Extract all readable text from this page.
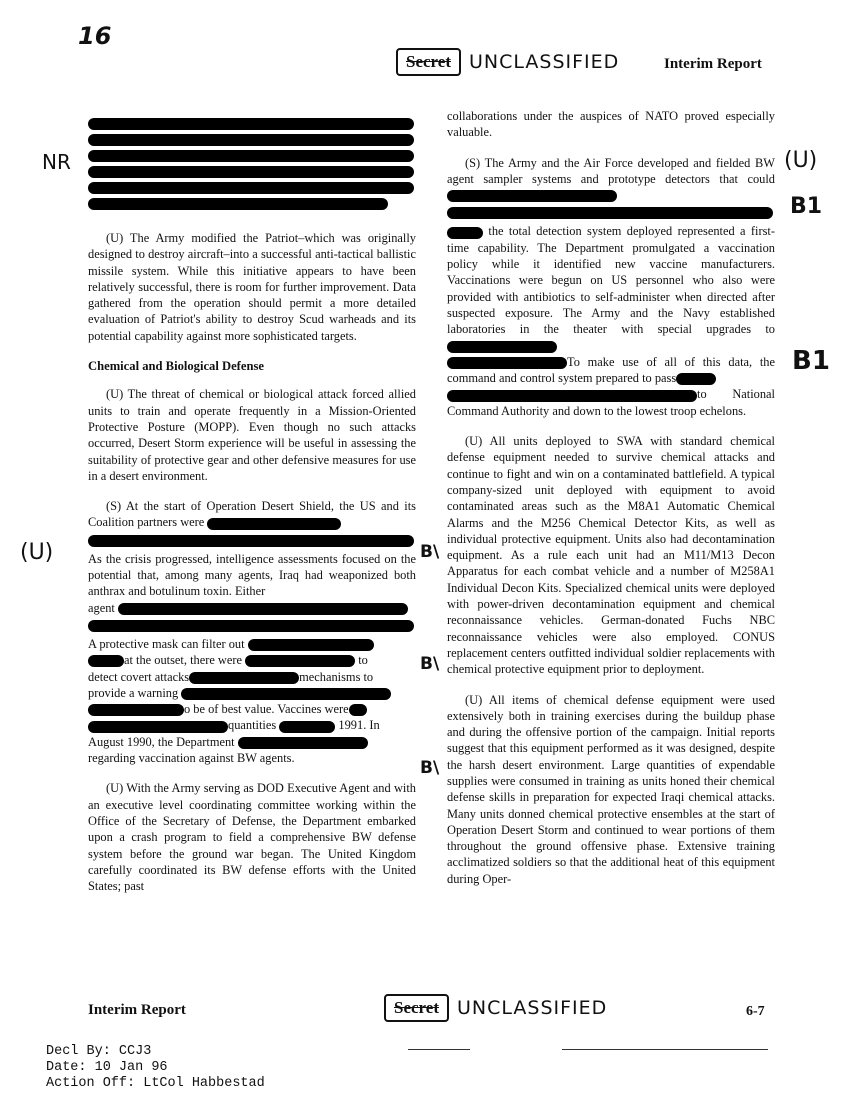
16
Secret UNCLASSIFIED	Interim Report
NR	(U)
B1
B1
(U)	B\
B\
B\

(U) The Army modified the Patriot–which was originally designed to destroy aircraft–into a successful anti-tactical ballistic missile system. While this initiative appears to have been relatively successful, there is room for further improvement. Data gathered from the operation should permit a more detailed evaluation of Patriot's ability to destroy Scud warheads and its potential capability against more sophisticated targets.

Chemical and Biological Defense

(U) The threat of chemical or biological attack forced allied units to train and operate frequently in a Mission-Oriented Protective Posture (MOPP). Even though no such attacks occurred, Desert Storm experience will be useful in assessing the suitability of protective gear and other defensive measures for use in a desert environment.

(S) At the start of Operation Desert Shield, the US and its Coalition partners were
As the crisis progressed, intelligence assessments focused on the potential that, among many agents, Iraq had weaponized both anthrax and botulinum toxin. Either
agent
A protective mask can filter out
at the outset, there were	to
detect covert attacks	mechanisms to
provide a warning
o be of best value. Vaccines were
quantities	1991. In
August 1990, the Department
regarding vaccination against BW agents.

(U) With the Army serving as DOD Executive Agent and with an executive level coordinating committee working within the Office of the Secretary of Defense, the Department embarked upon a crash program to field a comprehensive BW defense system before the ground war began. The United Kingdom carefully coordinated its BW defense efforts with the United States; past

collaborations under the auspices of NATO proved especially valuable.

(S) The Army and the Air Force developed and fielded BW agent sampler systems and prototype detectors that could
the total detection system deployed represented a first-time capability. The Department promulgated a vaccination policy while it identified new vaccine manufacturers. Vaccinations were begun on US personnel who also were provided with antibiotics to self-administer when directed after suspected exposure. The Army and the Navy established laboratories in the theater with special upgrades to
To make use of all of this data, the command and control system prepared to pass
to National Command Authority and down to the lowest troop echelons.

(U) All units deployed to SWA with standard chemical defense equipment needed to survive chemical attacks and continue to fight and win on a contaminated battlefield. A typical company-sized unit deployed with equipment to avoid contaminated areas such as the M8A1 Automatic Chemical Alarms and the M256 Chemical Detector Kits, as well as individual protective equipment. Units also had decontamination equipment. As a rule each unit had an M11/M13 Decon Apparatus for each combat vehicle and a number of M258A1 Individual Decon Kits. Specialized chemical units were deployed with power-driven decontamination equipment and chemical reconnaissance vehicles. German-donated Fuchs NBC reconnaissance vehicles were also employed. CONUS replacement centers outfitted individual soldier replacements with chemical protective equipment prior to deployment.

(U) All items of chemical defense equipment were used extensively both in training exercises during the buildup phase and during the offensive portion of the campaign. Initial reports suggest that this equipment performed as it was designed, despite the harsh desert environment. Large quantities of expendable supplies were consumed in training as units honed their chemical defense skills in preparation for expected Iraqi chemical attacks. Many units donned chemical protective ensembles at the start of Operation Desert Storm and continued to wear portions of them throughout the ground offensive phase. Extensive training acclimatized soldiers so that the additional heat of this equipment during Oper-

Interim Report	Secret UNCLASSIFIED	6-7
Decl By: CCJ3
Date: 10 Jan 96
Action Off: LtCol Habbestad
